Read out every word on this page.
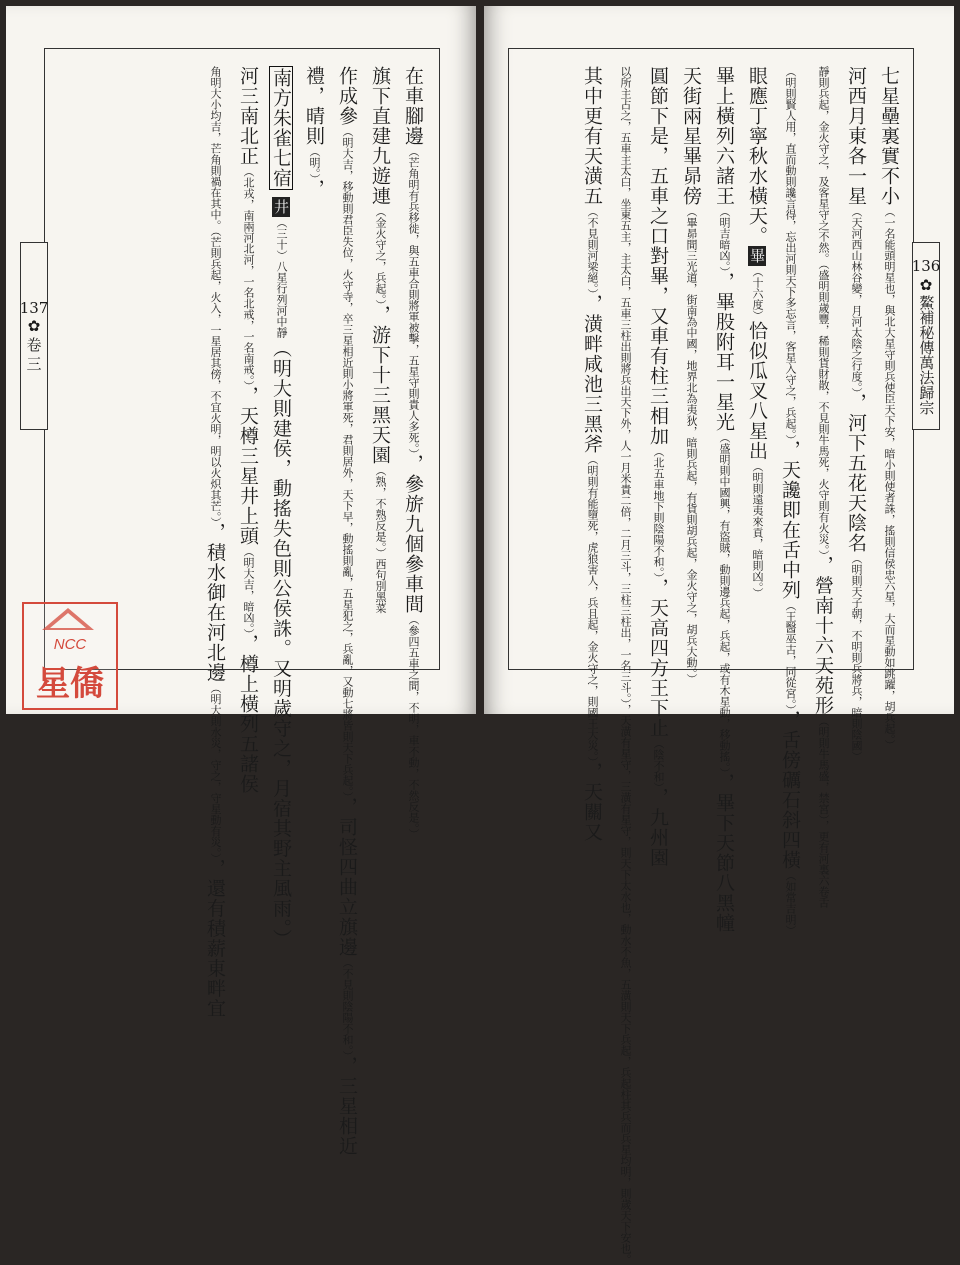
137
✿
卷
三
在車腳邊（芒角明有兵移徙，與五車合則將軍被擊，五星守則貴人多死。），參旂九個參車間（參四五車之間，不明，車不動，不然反是。）
旗下直建九遊連（金火守之，兵起。），游下十三黑天園（熟，不熟反是。）西句別黑菜
作成參（明大吉，移動則君臣失位，火守寺，卒三星相近則小將軍死，君則居外，天下早，動搖則亂，五星犯之，兵亂，又動七將皆則天下兵起。），司怪四曲立旗邊（不見則陰陽不和。），三星相近
禮，晴則（明。），
南方朱雀七宿 井（三十）八星行列河中靜（明大則建侯，動搖失色則公侯誅。又明歲守之，月宿其野主風雨。）
河三南北正（北戎，南兩河北河，一名北戒，一名南戒。），天樽三星井上頭（明大吉，暗凶。），樽上橫列五諸侯
角明大小均吉，芒角則禍在其中。（芒則兵起，火入，一星居其傍，不宜火明，明以火炽其芒。），積水御在河北邊（明大則水災，守之，守星動有災。），還有積薪東畔宜
NCC
星僑
136
✿
鰲補秘傳萬法歸宗
七星壘裏實不小（一名能頭明星也，與北大星守則兵使臣天下安，暗小則使者誅，搖則信侯忠六星，大而星動如跳躍，胡兵起。）
河西月東各一星（天河西山林谷變，月河太陰之行度。），河下五花天陰名（明則天子朝，不明則兵將兵，暗則陰國）
靜則兵起，金火守之，及客星守之不然。（盛明則歲豐，稀則貨財散，不見則牛馬死，火守則有火災。），營南十六天苑形（明則牛馬盛，禁宮），更有河裏六卷舌
（明則賢人用，直而動則讒言得，忘出河則天下多忘言，客星入守之，兵起。），天讒即在舌中列（王醫巫古，同從宮。），舌傍礪石斜四橫（如常吉明）
眼應丁寧秋水橫天。畢（十六度）恰似瓜叉八星出（明則遠夷來貢，暗則凶。）
畢上橫列六諸王（明吉暗凶。），畢股附耳一星光（盛明則中國興，有盜賊，動則邊兵起，兵起，或有木星動，移動搖。），畢下天節八黑幢
天街兩星畢昴傍（畢昴間三光道，街南為中國，地界北為夷狄，暗則兵起，有貨則胡兵起，金火守之，胡兵大動。）
圓節下是，五車之口對畢，又車有柱三相加（北五車地下則陰陽不和。），天高四方王下止（陰不和），九州園
以所主占之，五車主太白，坐東五主，主太白，五車三柱出則將兵出天下外，人一月米貴二倍，二月三斗，三柱三柱出，一名三斗。），天潢有星守，三潢有星守，則天下太水也，動水不魚，五潢則天下兵起，兵起柱其兵而兵星均明，則歲天下安也。
其中更有天潢五（不見則河梁絕。），潢畔咸池三黑斧（明則有能墮死，虎狼害人，兵且起，金火守之，則國王大災。），天關又
